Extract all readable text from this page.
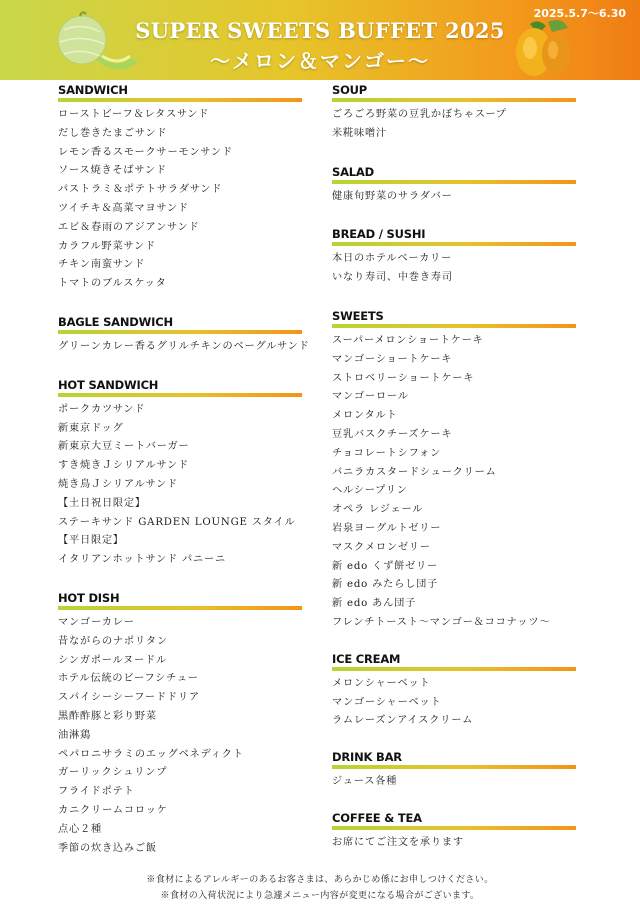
SUPER SWEETS BUFFET 2025
〜メロン＆マンゴー〜
2025.5.7〜6.30
SANDWICH
ローストビーフ＆レタスサンド
だし巻きたまごサンド
レモン香るスモークサーモンサンド
ソース焼きそばサンド
パストラミ＆ポテトサラダサンド
ツイチキ＆高菜マヨサンド
エビ＆春雨のアジアンサンド
カラフル野菜サンド
チキン南蛮サンド
トマトのブルスケッタ
BAGLE SANDWICH
グリーンカレー香るグリルチキンのベーグルサンド
HOT SANDWICH
ポークカツサンド
新東京ドッグ
新東京大豆ミートバーガー
すき焼きＪシリアルサンド
焼き鳥Ｊシリアルサンド
【土日祝日限定】
ステーキサンド GARDEN LOUNGE スタイル
【平日限定】
イタリアンホットサンド パニーニ
HOT DISH
マンゴーカレー
昔ながらのナポリタン
シンガポールヌードル
ホテル伝統のビーフシチュー
スパイシーシーフードドリア
黒酢酢豚と彩り野菜
油淋鶏
ペパロニサラミのエッグベネディクト
ガーリックシュリンプ
フライドポテト
カニクリームコロッケ
点心２種
季節の炊き込みご飯
SOUP
ごろごろ野菜の豆乳かぼちゃスープ
米糀味噌汁
SALAD
健康旬野菜のサラダバー
BREAD / SUSHI
本日のホテルベーカリー
いなり寿司、中巻き寿司
SWEETS
スーパーメロンショートケーキ
マンゴーショートケーキ
ストロベリーショートケーキ
マンゴーロール
メロンタルト
豆乳バスクチーズケーキ
チョコレートシフォン
バニラカスタードシュークリーム
ヘルシープリン
オペラ レジェール
岩泉ヨーグルトゼリー
マスクメロンゼリー
新 edo くず餅ゼリー
新 edo みたらし団子
新 edo あん団子
フレンチトースト〜マンゴー＆ココナッツ〜
ICE CREAM
メロンシャーベット
マンゴーシャーベット
ラムレーズンアイスクリーム
DRINK BAR
ジュース各種
COFFEE & TEA
お席にてご注文を承ります
※食材によるアレルギーのあるお客さまは、あらかじめ係にお申しつけください。
※食材の入荷状況により急遽メニュー内容が変更になる場合がございます。
